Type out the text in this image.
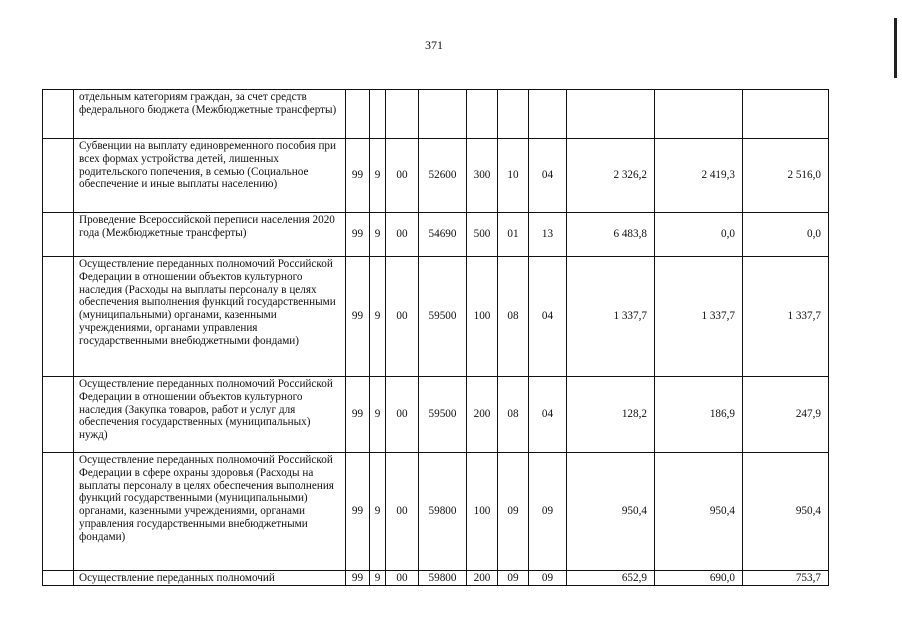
371
	отдельным категориям граждан, за счет средств федерального бюджета (Межбюджетные трансферты)										
	Субвенции на выплату единовременного пособия при всех формах устройства детей, лишенных родительского попечения, в семью (Социальное обеспечение и иные выплаты населению)	99	9	00	52600	300	10	04	2 326,2	2 419,3	2 516,0
	Проведение Всероссийской переписи населения 2020 года (Межбюджетные трансферты)	99	9	00	54690	500	01	13	6 483,8	0,0	0,0
	Осуществление переданных полномочий Российской Федерации в отношении объектов культурного наследия (Расходы на выплаты персоналу в целях обеспечения выполнения функций государственными (муниципальными) органами, казенными учреждениями, органами управления государственными внебюджетными фондами)	99	9	00	59500	100	08	04	1 337,7	1 337,7	1 337,7
	Осуществление переданных полномочий Российской Федерации в отношении объектов культурного наследия (Закупка товаров, работ и услуг для обеспечения государственных (муниципальных) нужд)	99	9	00	59500	200	08	04	128,2	186,9	247,9
	Осуществление переданных полномочий Российской Федерации в сфере охраны здоровья (Расходы на выплаты персоналу в целях обеспечения выполнения функций государственными (муниципальными) органами, казенными учреждениями, органами управления государственными внебюджетными фондами)	99	9	00	59800	100	09	09	950,4	950,4	950,4
	Осуществление переданных полномочий	99	9	00	59800	200	09	09	652,9	690,0	753,7
